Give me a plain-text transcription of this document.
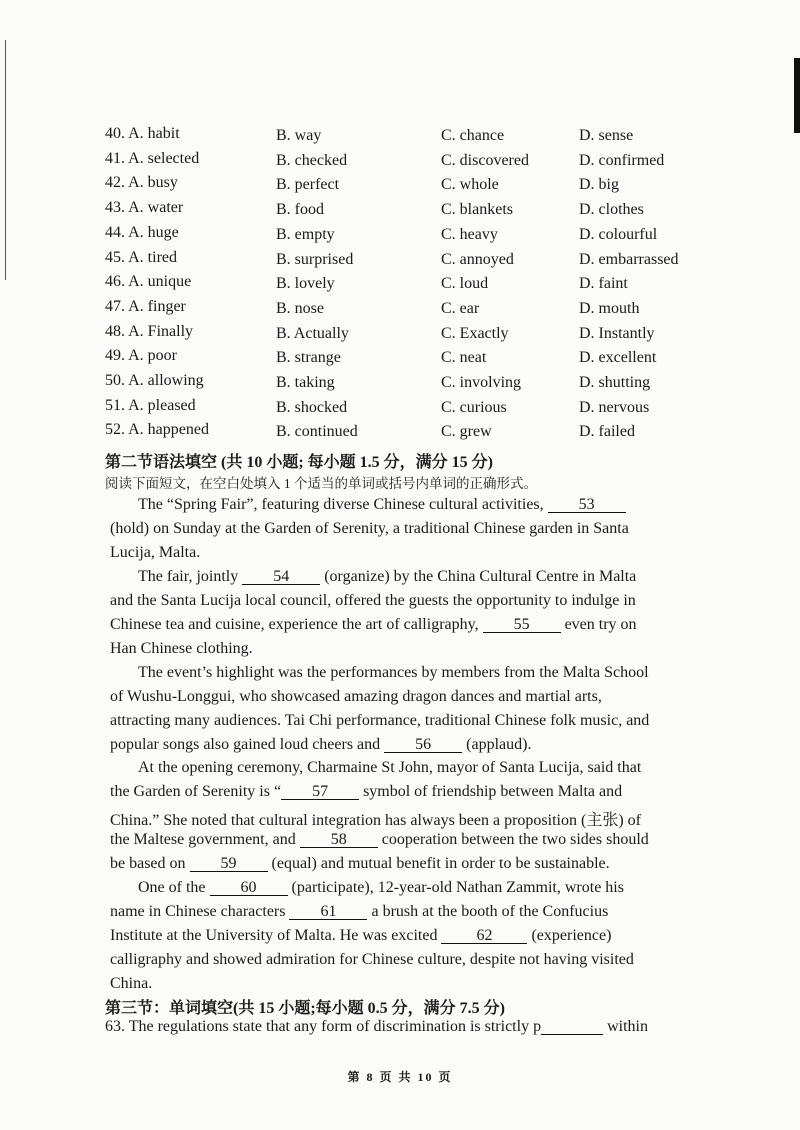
40. A. habit	B. way	C. chance	D. sense
41. A. selected	B. checked	C. discovered	D. confirmed
42. A. busy	B. perfect	C. whole	D. big
43. A. water	B. food	C. blankets	D. clothes
44. A. huge	B. empty	C. heavy	D. colourful
45. A. tired	B. surprised	C. annoyed	D. embarrassed
46. A. unique	B. lovely	C. loud	D. faint
47. A. finger	B. nose	C. ear	D. mouth
48. A. Finally	B. Actually	C. Exactly	D. Instantly
49. A. poor	B. strange	C. neat	D. excellent
50. A. allowing	B. taking	C. involving	D. shutting
51. A. pleased	B. shocked	C. curious	D. nervous
52. A. happened	B. continued	C. grew	D. failed
第二节语法填空 (共 10 小题; 每小题 1.5 分，满分 15 分)
阅读下面短文，在空白处填入 1 个适当的单词或括号内单词的正确形式。
The “Spring Fair”, featuring diverse Chinese cultural activities, 53
(hold) on Sunday at the Garden of Serenity, a traditional Chinese garden in Santa
Lucija, Malta.
The fair, jointly 54 (organize) by the China Cultural Centre in Malta
and the Santa Lucija local council, offered the guests the opportunity to indulge in
Chinese tea and cuisine, experience the art of calligraphy, 55 even try on
Han Chinese clothing.
The event’s highlight was the performances by members from the Malta School
of Wushu-Longgui, who showcased amazing dragon dances and martial arts,
attracting many audiences. Tai Chi performance, traditional Chinese folk music, and
popular songs also gained loud cheers and 56 (applaud).
At the opening ceremony, Charmaine St John, mayor of Santa Lucija, said that
the Garden of Serenity is “ 57 symbol of friendship between Malta and
China.” She noted that cultural integration has always been a proposition (主张) of
the Maltese government, and 58 cooperation between the two sides should
be based on 59 (equal) and mutual benefit in order to be sustainable.
One of the 60 (participate), 12-year-old Nathan Zammit, wrote his
name in Chinese characters 61 a brush at the booth of the Confucius
Institute at the University of Malta. He was excited 62 (experience)
calligraphy and showed admiration for Chinese culture, despite not having visited
China.
第三节：单词填空(共 15 小题;每小题 0.5 分，满分 7.5 分)
63. The regulations state that any form of discrimination is strictly p	within
第 8 页 共 10 页
